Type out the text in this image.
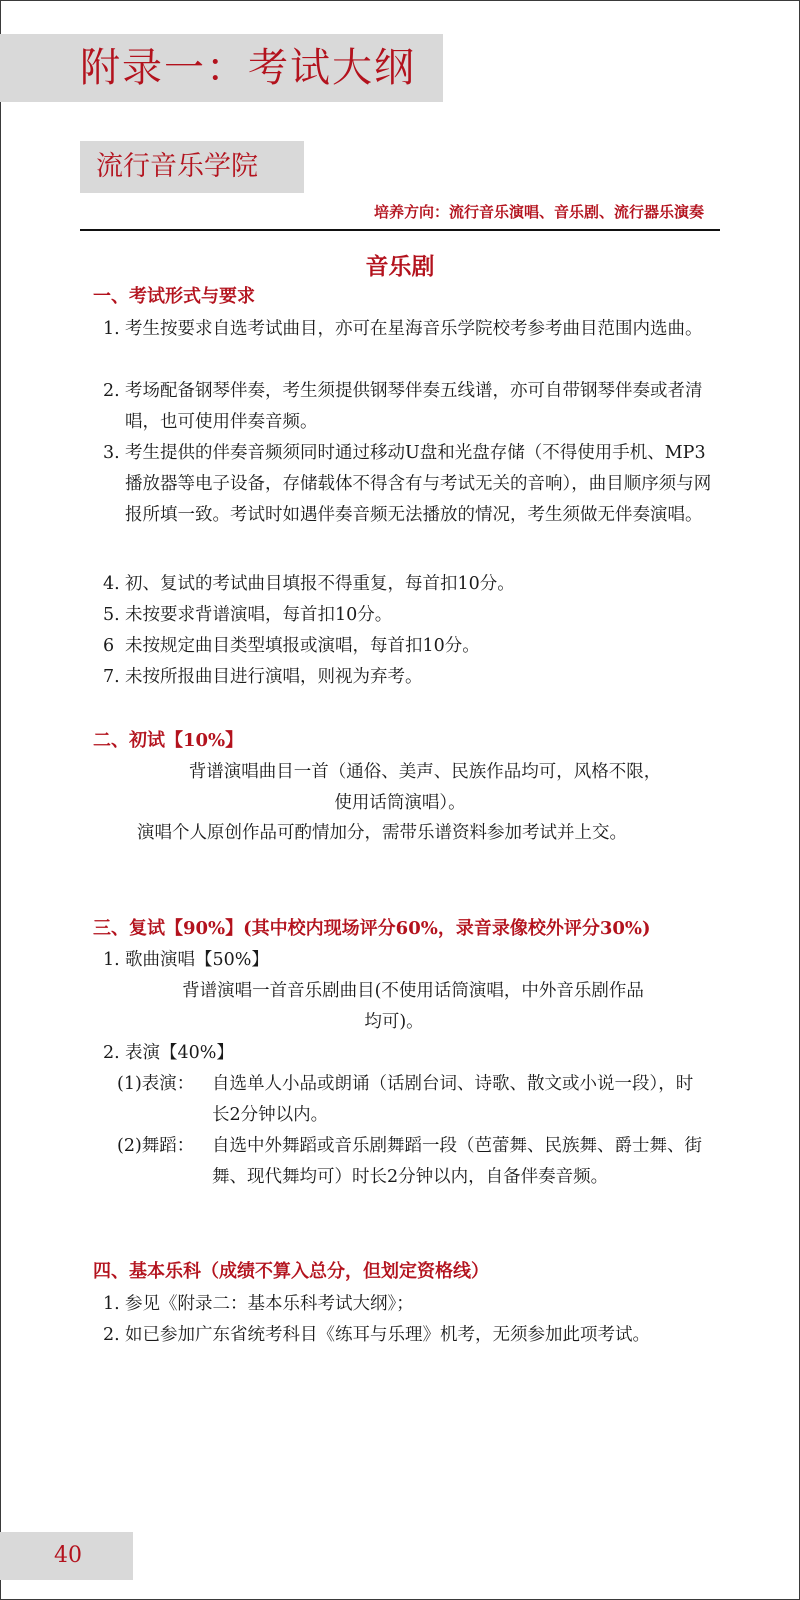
附录一：考试大纲
流行音乐学院
培养方向：流行音乐演唱、音乐剧、流行器乐演奏
音乐剧
一、考试形式与要求
1. 考生按要求自选考试曲目，亦可在星海音乐学院校考参考曲目范围内选曲。
2. 考场配备钢琴伴奏，考生须提供钢琴伴奏五线谱，亦可自带钢琴伴奏或者清唱，也可使用伴奏音频。
3. 考生提供的伴奏音频须同时通过移动U盘和光盘存储（不得使用手机、MP3播放器等电子设备，存储载体不得含有与考试无关的音响），曲目顺序须与网报所填一致。考试时如遇伴奏音频无法播放的情况，考生须做无伴奏演唱。
4. 初、复试的考试曲目填报不得重复，每首扣10分。
5. 未按要求背谱演唱，每首扣10分。
6 未按规定曲目类型填报或演唱，每首扣10分。
7. 未按所报曲目进行演唱，则视为弃考。
二、初试【10%】
背谱演唱曲目一首（通俗、美声、民族作品均可，风格不限，
使用话筒演唱）。
演唱个人原创作品可酌情加分，需带乐谱资料参加考试并上交。
三、复试【90%】(其中校内现场评分60%，录音录像校外评分30%)
1. 歌曲演唱【50%】
背谱演唱一首音乐剧曲目(不使用话筒演唱，中外音乐剧作品
均可)。
2. 表演【40%】
(1)表演： 自选单人小品或朗诵（话剧台词、诗歌、散文或小说一段），时长2分钟以内。
(2)舞蹈： 自选中外舞蹈或音乐剧舞蹈一段（芭蕾舞、民族舞、爵士舞、街舞、现代舞均可）时长2分钟以内，自备伴奏音频。
四、基本乐科（成绩不算入总分，但划定资格线）
1. 参见《附录二：基本乐科考试大纲》；
2. 如已参加广东省统考科目《练耳与乐理》机考，无须参加此项考试。
40
